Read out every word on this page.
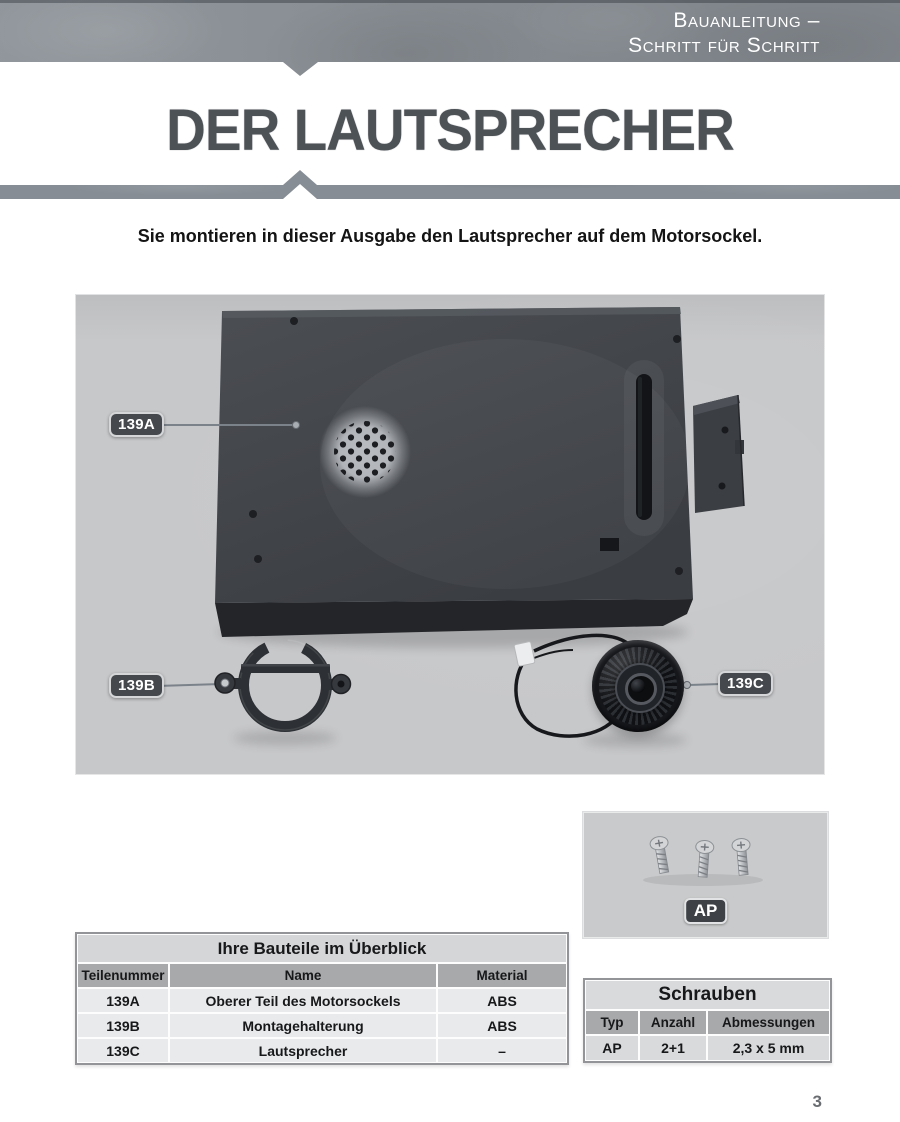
Bauanleitung –
Schritt für Schritt
DER LAUTSPRECHER
Sie montieren in dieser Ausgabe den Lautsprecher auf dem Motorsockel.
139A
139B	139C
AP
Ihre Bauteile im Überblick
Teilenummer	Name	Material
139A	Oberer Teil des Motorsockels	ABS
139B	Montagehalterung	ABS
139C	Lautsprecher	–
Schrauben
Typ	Anzahl	Abmessungen
AP	2+1	2,3 x 5 mm
3
